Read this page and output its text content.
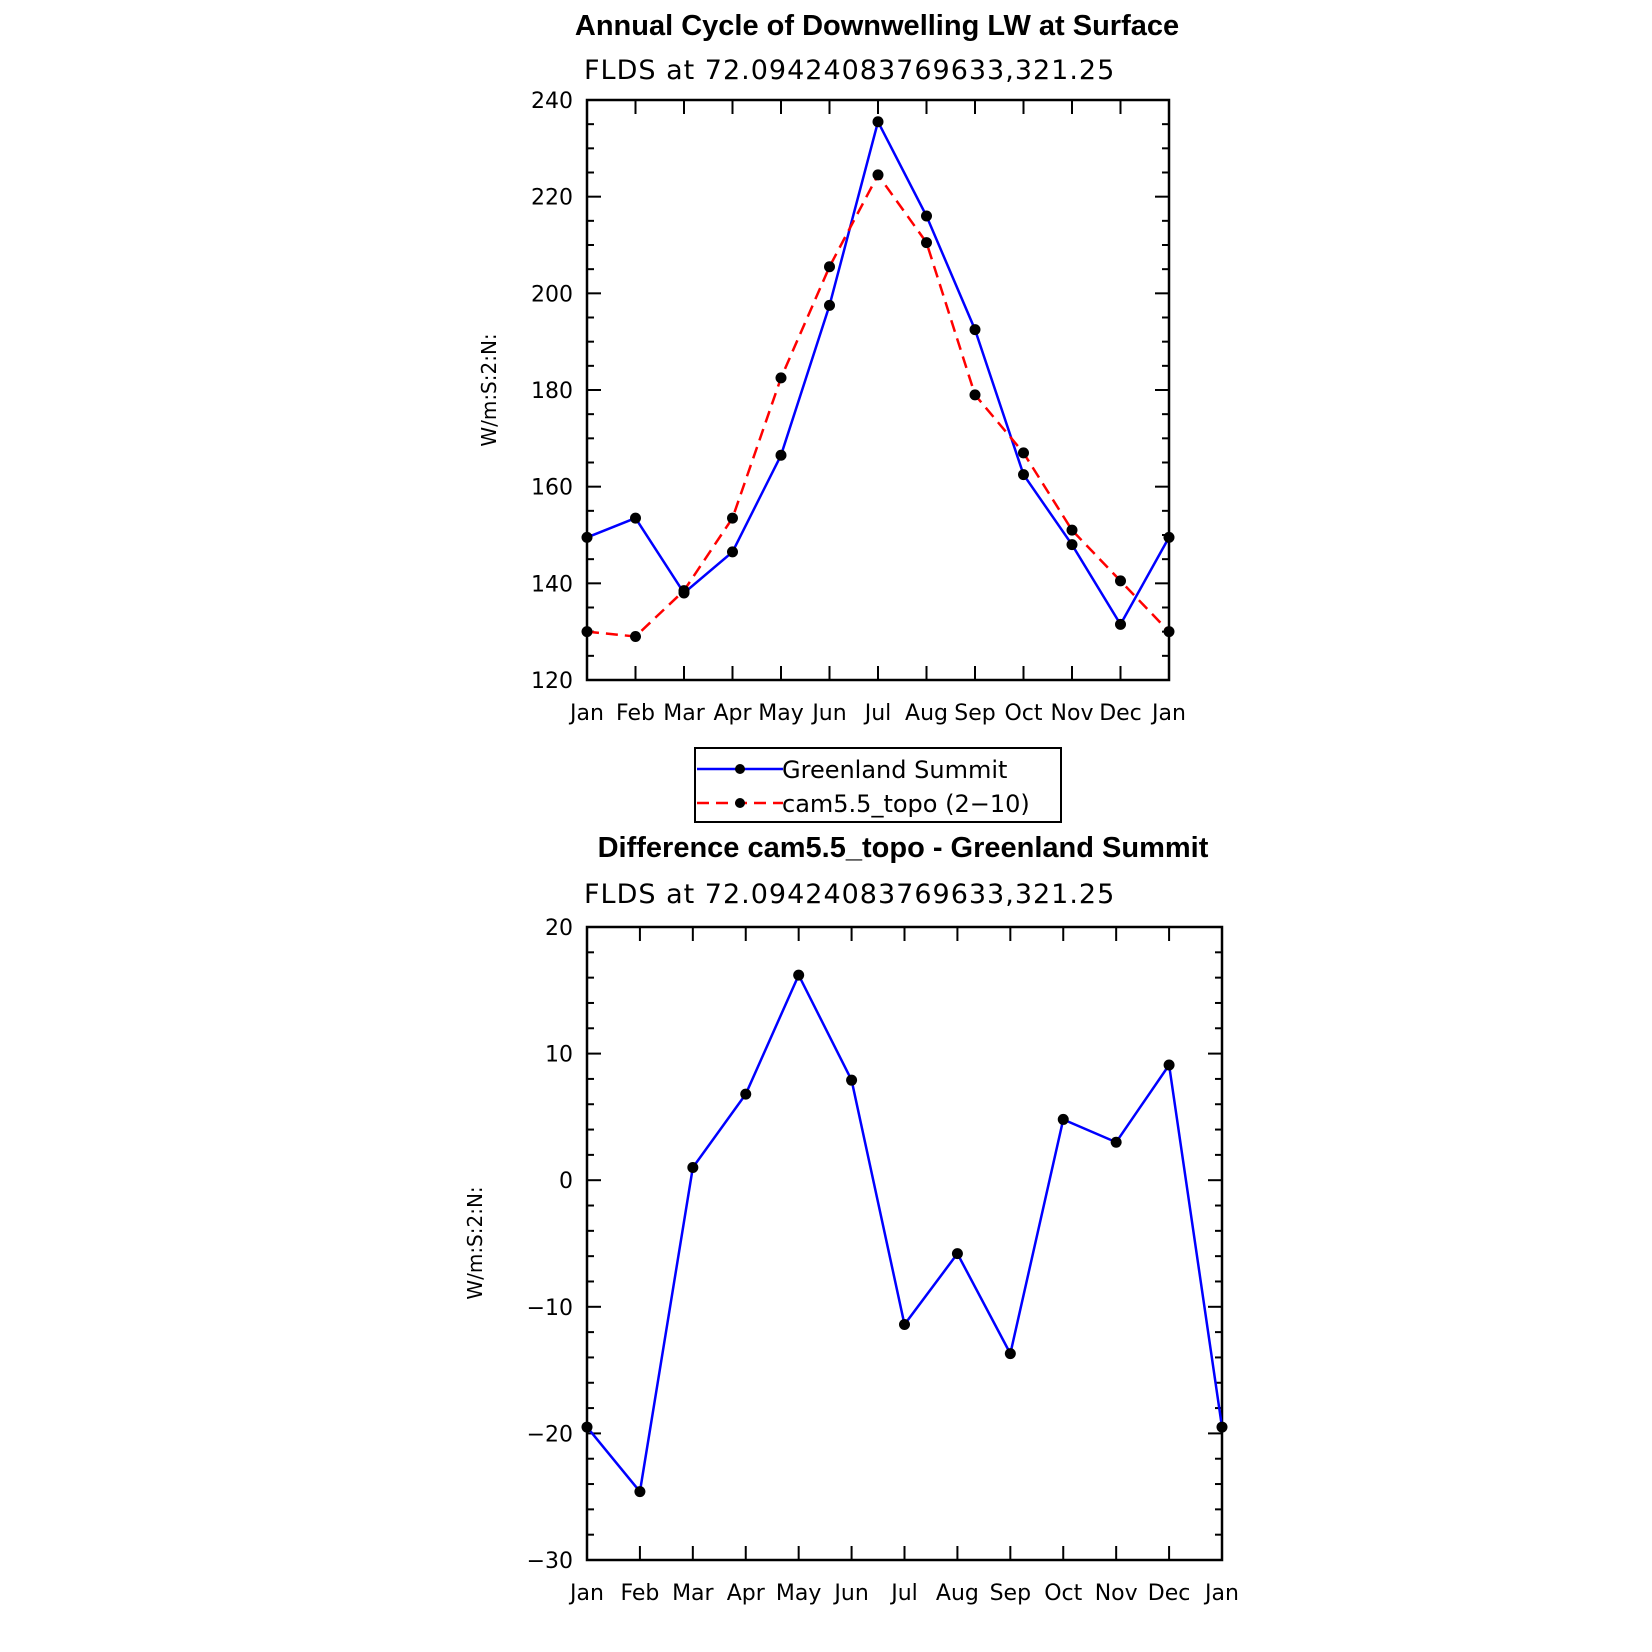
Annual Cycle of Downwelling LW at Surface
FLDS at 72.09424083769633,321.25
W/m:S:2:N:
Jan Feb Mar Apr May Jun Jul Aug Sep Oct Nov Dec Jan
120
140
160
180
200
220
240
Greenland Summit
cam5.5_topo (2−10)
Difference cam5.5_topo - Greenland Summit
FLDS at 72.09424083769633,321.25
W/m:S:2:N:
Jan Feb Mar Apr May Jun Jul Aug Sep Oct Nov Dec Jan
−30
−20
−10
0
10
20
